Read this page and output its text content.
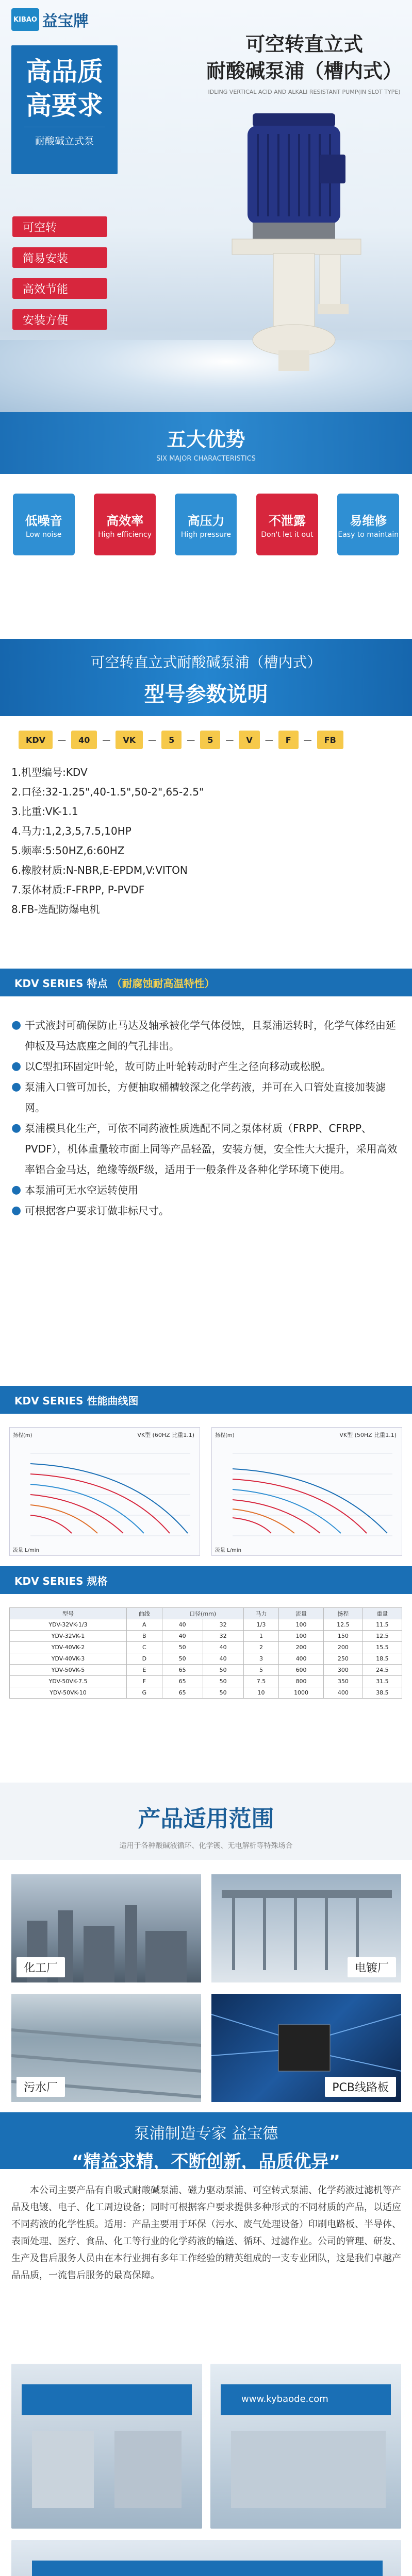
KIBAO 益宝牌
可空转直立式
耐酸碱泵浦（槽内式）
IDLING VERTICAL ACID AND ALKALI RESISTANT PUMP(IN SLOT TYPE)
高品质
高要求
耐酸碱立式泵
可空转
简易安装
高效节能
安装方便
五大优势
SIX MAJOR CHARACTERISTICS
低噪音
Low noise
高效率
High efficiency
高压力
High pressure
不泄露
Don't let it out
易维修
Easy to maintain
可空转直立式耐酸碱泵浦（槽内式）
型号参数说明
KDV	—	40	—	VK	—	5	—	5	—	V	—	F	—	FB
1.机型编号:KDV
2.口径:32-1.25",40-1.5",50-2",65-2.5"
3.比重:VK-1.1
4.马力:1,2,3,5,7.5,10HP
5.频率:5:50HZ,6:60HZ
6.橡胶材质:N-NBR,E-EPDM,V:VITON
7.泵体材质:F-FRPP, P-PVDF
8.FB-选配防爆电机
KDV SERIES 特点 （耐腐蚀耐高温特性）
● 干式液封可确保防止马达及轴承被化学气体侵蚀，且泵浦运转时，化学气体经由延伸板及马达底座之间的气孔排出。
● 以C型扣环固定叶轮，故可防止叶轮转动时产生之径向移动或松脱。
● 泵浦入口管可加长，方便抽取桶槽较深之化学药液，并可在入口管处直接加装滤网。
● 泵浦模具化生产，可依不同药液性质选配不同之泵体材质（FRPP、CFRPP、PVDF），机体重量较市面上同等产品轻盈，安装方便，安全性大大提升，采用高效率铝合金马达，绝缘等级F级，适用于一般条件及各种化学环境下使用。
● 本泵浦可无水空运转使用
● 可根据客户要求订做非标尺寸。
KDV SERIES 性能曲线图
VK型 (60HZ 比重1.1)
扬程(m)
流量 L/min
VK型 (50HZ 比重1.1)
扬程(m)
流量 L/min
KDV SERIES 规格
型号	曲线	口径(mm)		马力	流量	扬程	重量
YDV-32VK-1/3	A	40	32	1/3	100	12.5	11.5
YDV-32VK-1	B	40	32	1	100	150	12.5
YDV-40VK-2	C	50	40	2	200	200	15.5
YDV-40VK-3	D	50	40	3	400	250	18.5
YDV-50VK-5	E	65	50	5	600	300	24.5
YDV-50VK-7.5	F	65	50	7.5	800	350	31.5
YDV-50VK-10	G	65	50	10	1000	400	38.5
产品适用范围
适用于各种酸碱液循环、化学镀、无电解析等特殊场合
化工厂	电镀厂
污水厂	PCB线路板
泵浦制造专家 益宝德
“精益求精，不断创新，品质优异”
本公司主要产品有自吸式耐酸碱泵浦、磁力驱动泵浦、可空转式泵浦、化学药液过滤机等产品及电镀、电子、化工周边设备；同时可根据客户要求提供多种形式的不同材质的产品，以适应不同药液的化学性质。适用：产品主要用于环保（污水、废气处理设备）印刷电路板、半导体、表面处理、医疗、食品、化工等行业的化学药液的输送、循环、过滤作业。公司的管理、研发、生产及售后服务人员由在本行业拥有多年工作经验的精英组成的一支专业团队，这是我们卓越产品品质，一流售后服务的最高保障。
www.kybaode.com
